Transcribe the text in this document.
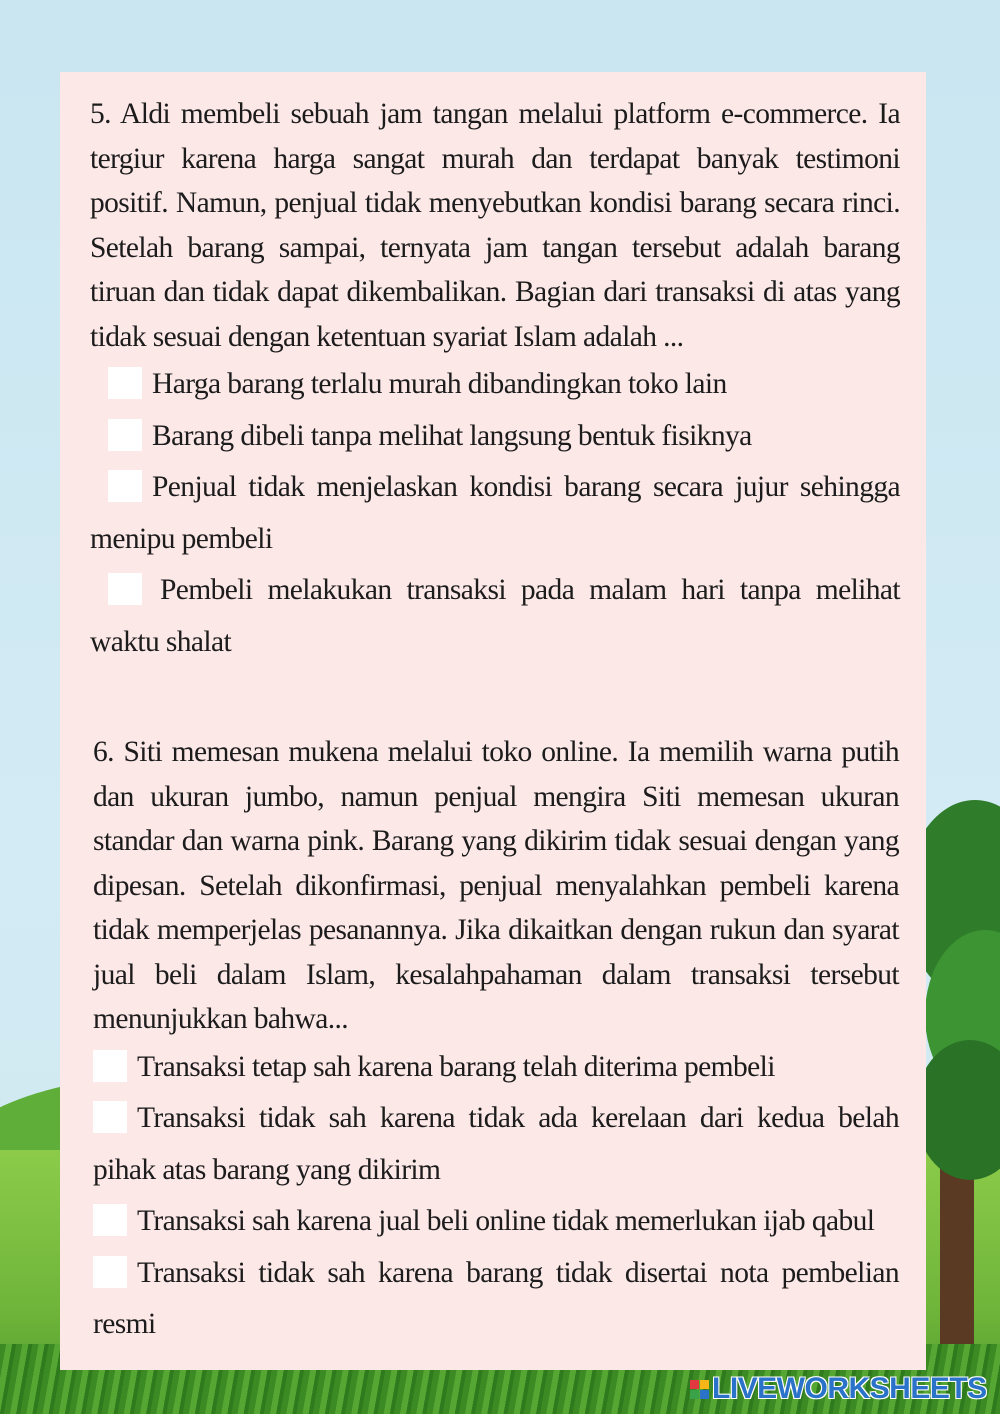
5. Aldi membeli sebuah jam tangan melalui platform e-commerce. Ia tergiur karena harga sangat murah dan terdapat banyak testimoni positif. Namun, penjual tidak menyebutkan kondisi barang secara rinci. Setelah barang sampai, ternyata jam tangan tersebut adalah barang tiruan dan tidak dapat dikembalikan. Bagian dari transaksi di atas yang tidak sesuai dengan ketentuan syariat Islam adalah ...
Harga barang terlalu murah dibandingkan toko lain
Barang dibeli tanpa melihat langsung bentuk fisiknya
Penjual tidak menjelaskan kondisi barang secara jujur sehingga menipu pembeli
Pembeli melakukan transaksi pada malam hari tanpa melihat waktu shalat
6. Siti memesan mukena melalui toko online. Ia memilih warna putih dan ukuran jumbo, namun penjual mengira Siti memesan ukuran standar dan warna pink. Barang yang dikirim tidak sesuai dengan yang dipesan. Setelah dikonfirmasi, penjual menyalahkan pembeli karena tidak memperjelas pesanannya. Jika dikaitkan dengan rukun dan syarat jual beli dalam Islam, kesalahpahaman dalam transaksi tersebut menunjukkan bahwa...
Transaksi tetap sah karena barang telah diterima pembeli
Transaksi tidak sah karena tidak ada kerelaan dari kedua belah pihak atas barang yang dikirim
Transaksi sah karena jual beli online tidak memerlukan ijab qabul
Transaksi tidak sah karena barang tidak disertai nota pembelian resmi
LIVEWORKSHEETS
